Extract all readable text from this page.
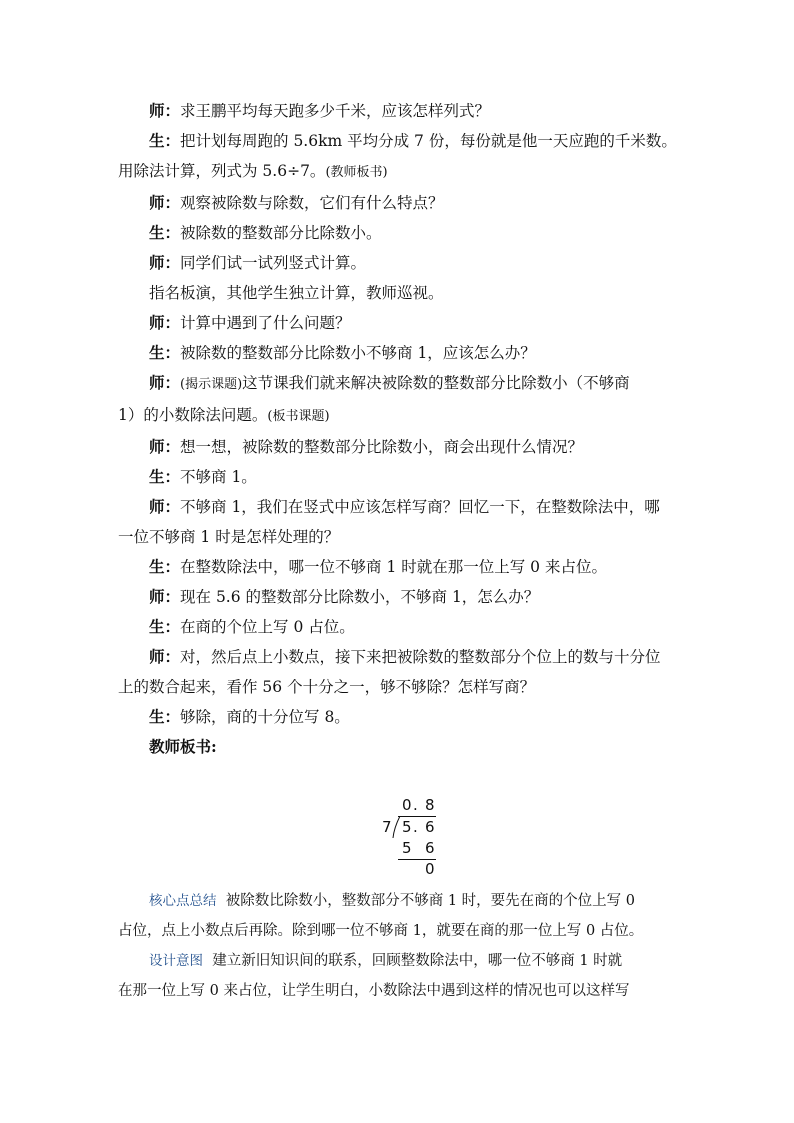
师：求王鹏平均每天跑多少千米，应该怎样列式？

生：把计划每周跑的 5.6km 平均分成 7 份，每份就是他一天应跑的千米数。

用除法计算，列式为 5.6÷7。(教师板书)

师：观察被除数与除数，它们有什么特点？

生：被除数的整数部分比除数小。

师：同学们试一试列竖式计算。

指名板演，其他学生独立计算，教师巡视。

师：计算中遇到了什么问题？

生：被除数的整数部分比除数小不够商 1，应该怎么办？

师：(揭示课题)这节课我们就来解决被除数的整数部分比除数小（不够商

1）的小数除法问题。(板书课题)

师：想一想，被除数的整数部分比除数小，商会出现什么情况？

生：不够商 1。

师：不够商 1，我们在竖式中应该怎样写商？回忆一下，在整数除法中，哪

一位不够商 1 时是怎样处理的？

生：在整数除法中，哪一位不够商 1 时就在那一位上写 0 来占位。

师：现在 5.6 的整数部分比除数小，不够商 1，怎么办？

生：在商的个位上写 0 占位。

师：对，然后点上小数点，接下来把被除数的整数部分个位上的数与十分位

上的数合起来，看作 56 个十分之一，够不够除？怎样写商？

生：够除，商的十分位写 8。

教师板书:

0 . 8
7 5 . 6
5 6
0

核心点总结 被除数比除数小，整数部分不够商 1 时，要先在商的个位上写 0

占位，点上小数点后再除。除到哪一位不够商 1，就要在商的那一位上写 0 占位。

设计意图 建立新旧知识间的联系，回顾整数除法中，哪一位不够商 1 时就

在那一位上写 0 来占位，让学生明白，小数除法中遇到这样的情况也可以这样写
